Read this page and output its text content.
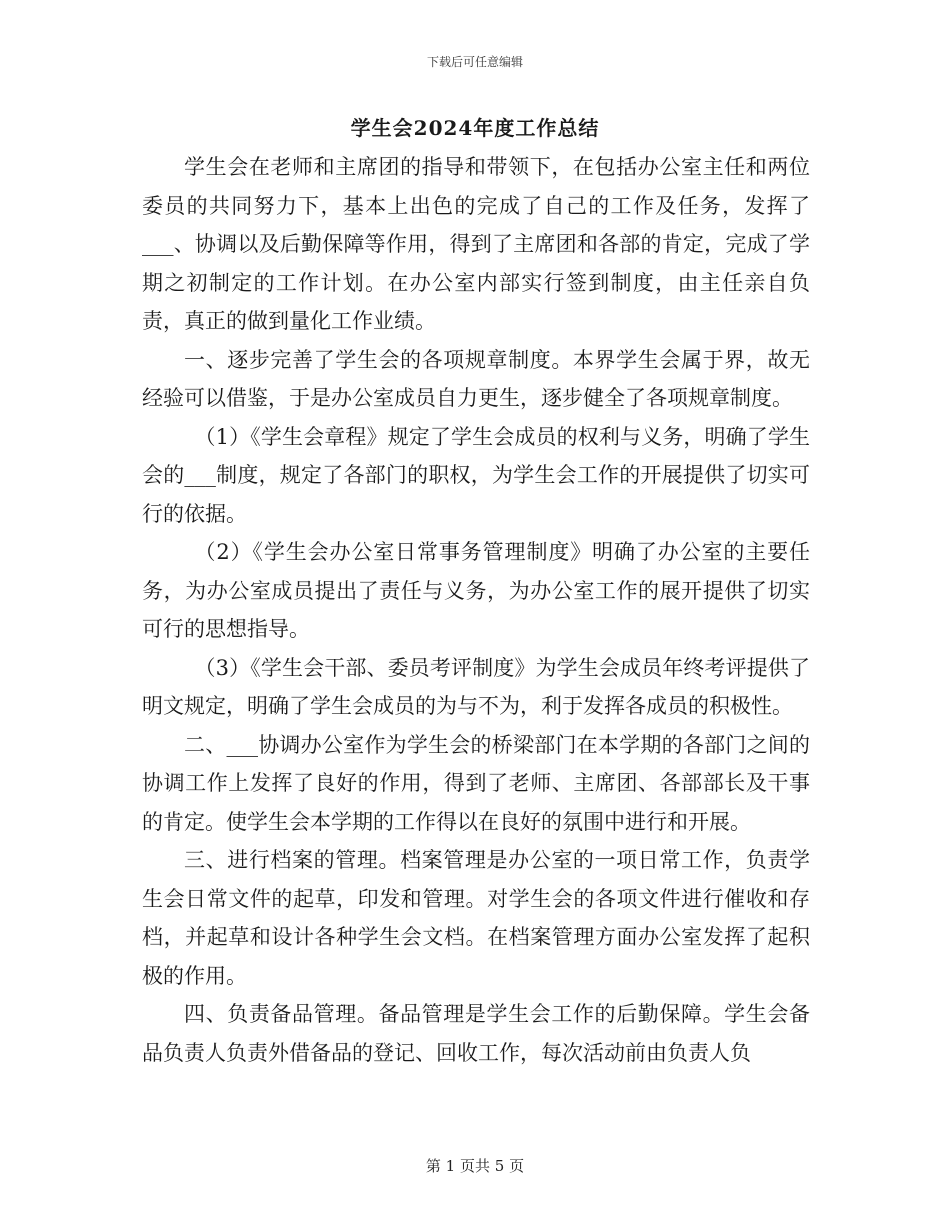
下载后可任意编辑
学生会2024年度工作总结

学生会在老师和主席团的指导和带领下，在包括办公室主任和两位委员的共同努力下，基本上出色的完成了自己的工作及任务，发挥了___、协调以及后勤保障等作用，得到了主席团和各部的肯定，完成了学期之初制定的工作计划。在办公室内部实行签到制度，由主任亲自负责，真正的做到量化工作业绩。

一、逐步完善了学生会的各项规章制度。本界学生会属于界，故无经验可以借鉴，于是办公室成员自力更生，逐步健全了各项规章制度。

（1）《学生会章程》规定了学生会成员的权利与义务，明确了学生会的___制度，规定了各部门的职权，为学生会工作的开展提供了切实可行的依据。

（2）《学生会办公室日常事务管理制度》明确了办公室的主要任务，为办公室成员提出了责任与义务，为办公室工作的展开提供了切实可行的思想指导。

（3）《学生会干部、委员考评制度》为学生会成员年终考评提供了明文规定，明确了学生会成员的为与不为，利于发挥各成员的积极性。

二、___协调办公室作为学生会的桥梁部门在本学期的各部门之间的协调工作上发挥了良好的作用，得到了老师、主席团、各部部长及干事的肯定。使学生会本学期的工作得以在良好的氛围中进行和开展。

三、进行档案的管理。档案管理是办公室的一项日常工作，负责学生会日常文件的起草，印发和管理。对学生会的各项文件进行催收和存档，并起草和设计各种学生会文档。在档案管理方面办公室发挥了起积极的作用。

四、负责备品管理。备品管理是学生会工作的后勤保障。学生会备品负责人负责外借备品的登记、回收工作，每次活动前由负责人负

第 1 页共 5 页
